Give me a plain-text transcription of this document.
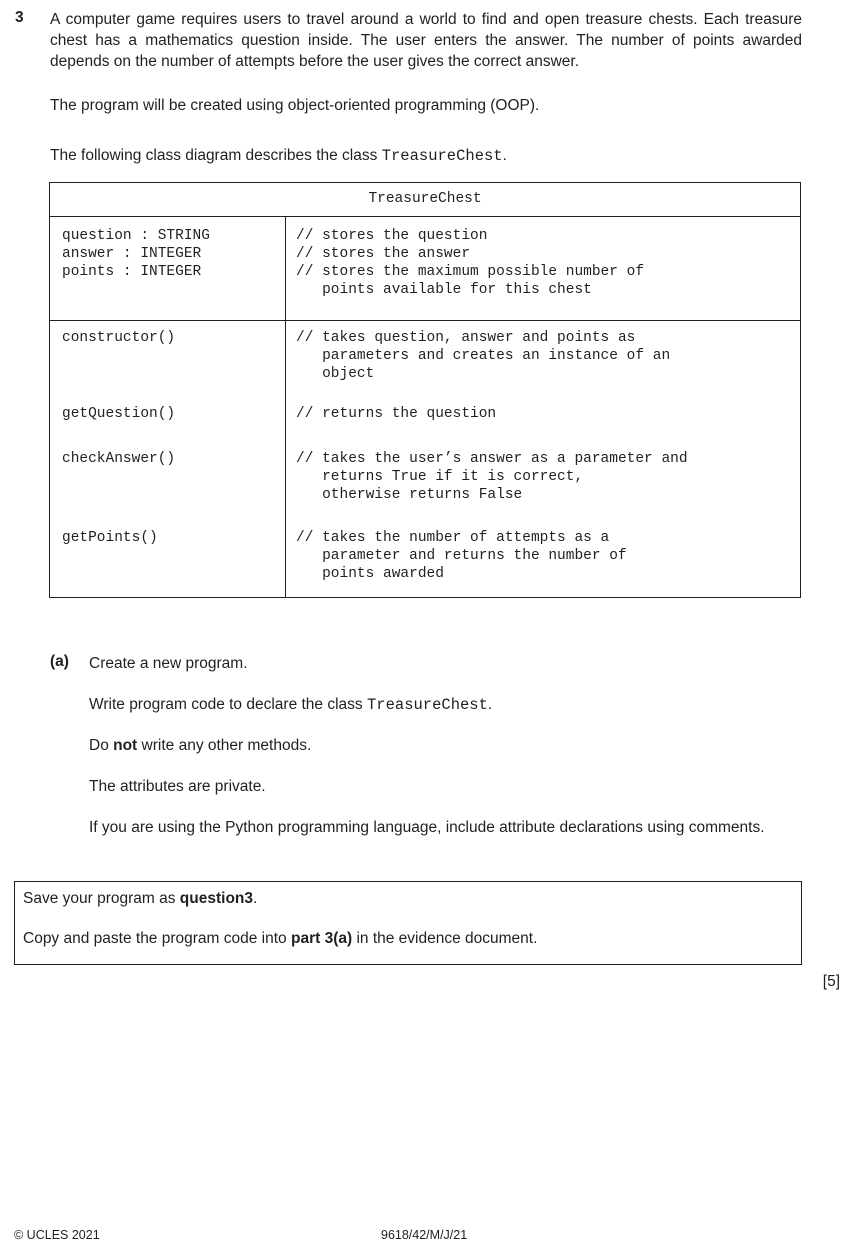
3 A computer game requires users to travel around a world to find and open treasure chests. Each treasure chest has a mathematics question inside. The user enters the answer. The number of points awarded depends on the number of attempts before the user gives the correct answer.
The program will be created using object-oriented programming (OOP).
The following class diagram describes the class TreasureChest.
TreasureChest
question : STRING	// stores the question
answer : INTEGER	// stores the answer
points : INTEGER	// stores the maximum possible number of
points available for this chest
constructor()	// takes question, answer and points as
parameters and creates an instance of an
object
getQuestion()	// returns the question
checkAnswer()	// takes the user’s answer as a parameter and
returns True if it is correct,
otherwise returns False
getPoints()	// takes the number of attempts as a
parameter and returns the number of
points awarded
(a) Create a new program.
Write program code to declare the class TreasureChest.
Do not write any other methods.
The attributes are private.
If you are using the Python programming language, include attribute declarations using comments.
Save your program as question3.
Copy and paste the program code into part 3(a) in the evidence document.
[5]
© UCLES 2021	9618/42/M/J/21
